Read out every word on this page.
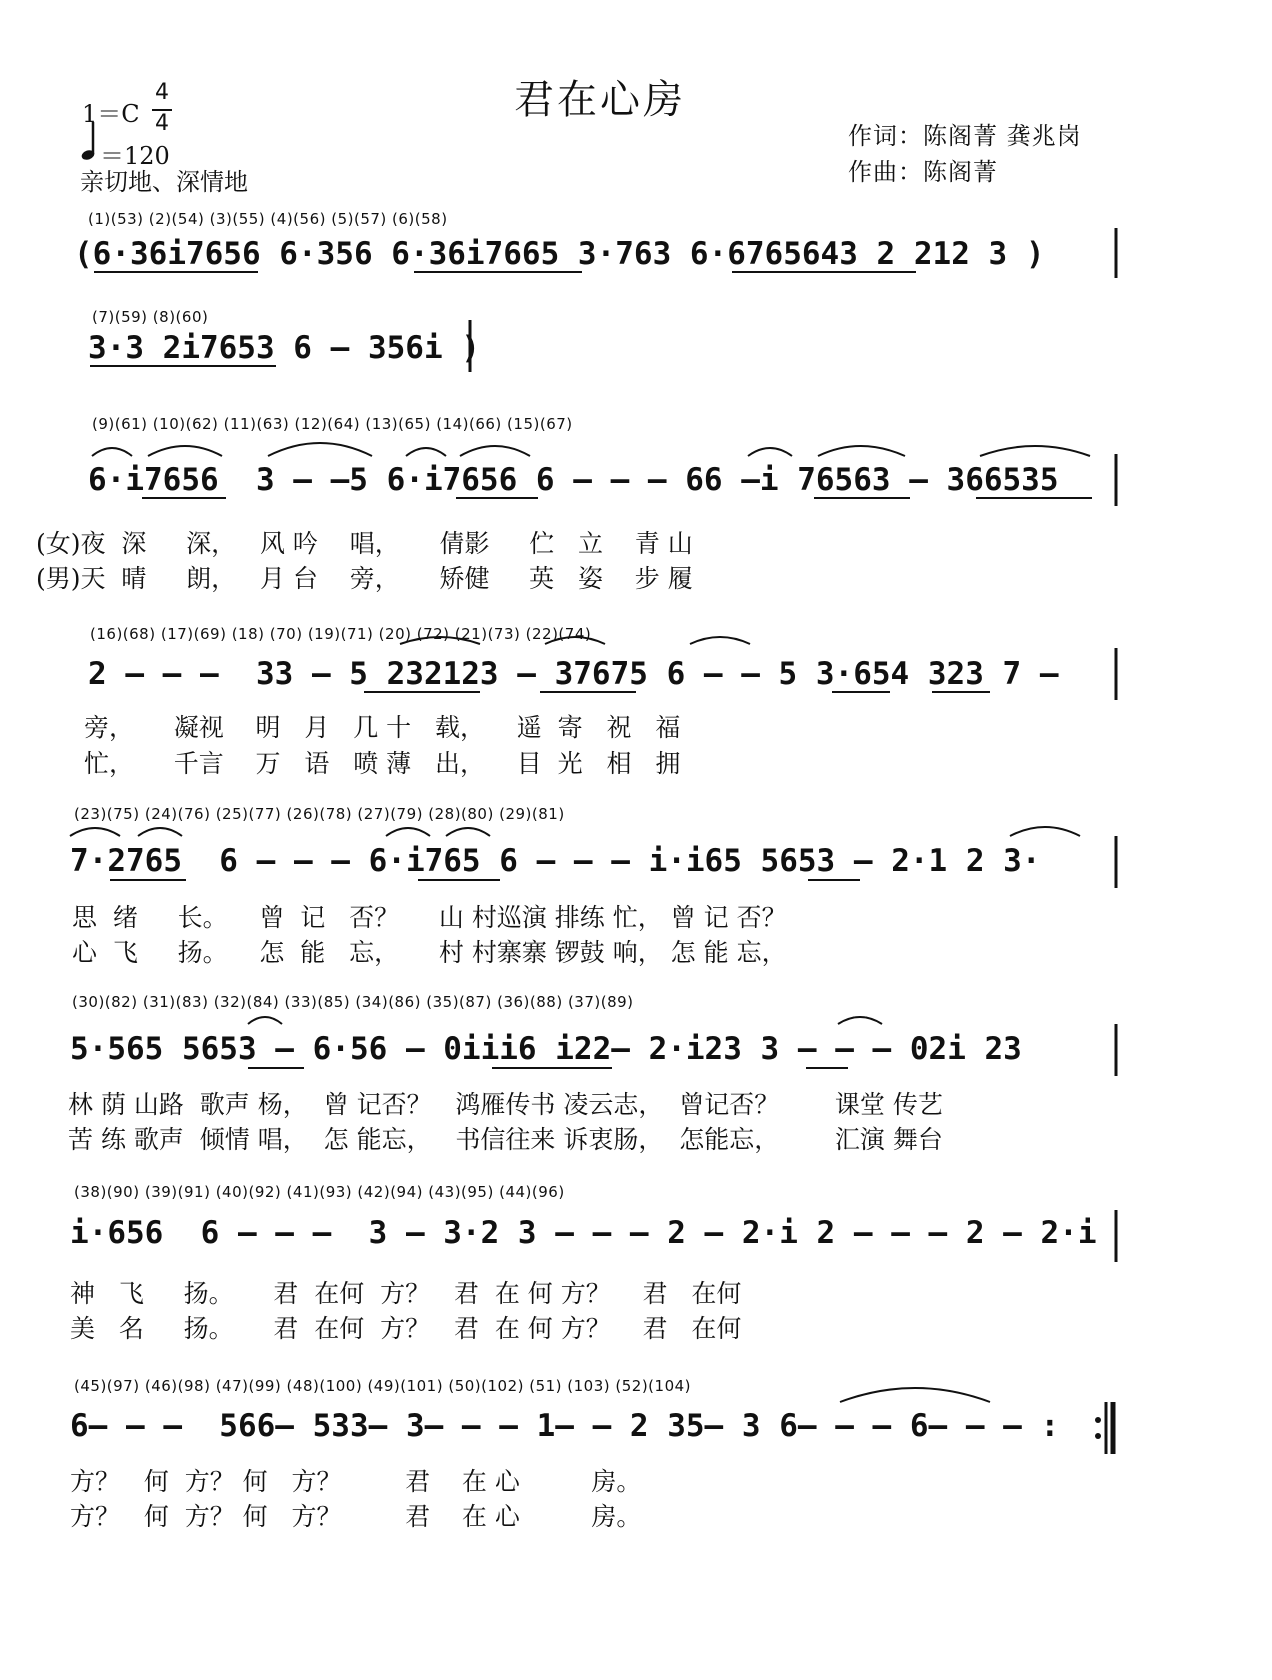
君在心房
1＝C
4
4
＝120
亲切地、深情地
作词：陈阁菁 龚兆岗
作曲：陈阁菁
(1)(53) (2)(54) (3)(55) (4)(56) (5)(57) (6)(58)
(6·36i7656 6·356 6·36i7665 3·763 6·6765643 2 212 3 )
(7)(59) (8)(60)
3·3 2i7653 6 – 356i )
(9)(61) (10)(62) (11)(63) (12)(64) (13)(65) (14)(66) (15)(67)
6·i7656  3 – –5 6·i7656 6 – – – 66 –i 76563 – 366535
(女)夜  深     深，   风 吟    唱，     倩影     伫   立    青 山
(男)天  晴     朗，   月 台    旁，     矫健     英   姿    步 履
(16)(68) (17)(69) (18) (70) (19)(71) (20) (72) (21)(73) (22)(74)
2 – – –  33 – 5 232123 – 37675 6 – – 5 3·654 323 7 –
旁，     凝视    明   月   几 十   载，    遥  寄   祝   福
忙，     千言    万   语   喷 薄   出，    目  光   相   拥
(23)(75) (24)(76) (25)(77) (26)(78) (27)(79) (28)(80) (29)(81)
7·2765  6 – – – 6·i765 6 – – – i·i65 5653 – 2·1 2 3·
思  绪     长。    曾  记   否？     山 村巡演 排练 忙， 曾 记 否？
心  飞     扬。    怎  能   忘，     村 村寨寨 锣鼓 响， 怎 能 忘，
(30)(82) (31)(83) (32)(84) (33)(85) (34)(86) (35)(87) (36)(88) (37)(89)
5·565 5653 – 6·56 – 0iii6 i22– 2·i23 3 – – – 02i 23
林 荫 山路  歌声 杨，  曾 记否？   鸿雁传书 凌云志，  曾记否？       课堂 传艺
苦 练 歌声  倾情 唱，  怎 能忘，   书信往来 诉衷肠，  怎能忘，       汇演 舞台
(38)(90) (39)(91) (40)(92) (41)(93) (42)(94) (43)(95) (44)(96)
i·656  6 – – –  3 – 3·2 3 – – – 2 – 2·i 2 – – – 2 – 2·i
神   飞     扬。     君  在何  方？   君  在 何 方？    君   在何
美   名     扬。     君  在何  方？   君  在 何 方？    君   在何
(45)(97) (46)(98) (47)(99) (48)(100) (49)(101) (50)(102) (51) (103) (52)(104)
6– – –  566– 533– 3– – – 1– – 2 35– 3 6– – – 6– – – :
方？   何  方？ 何   方？        君    在 心         房。
方？   何  方？ 何   方？        君    在 心         房。
